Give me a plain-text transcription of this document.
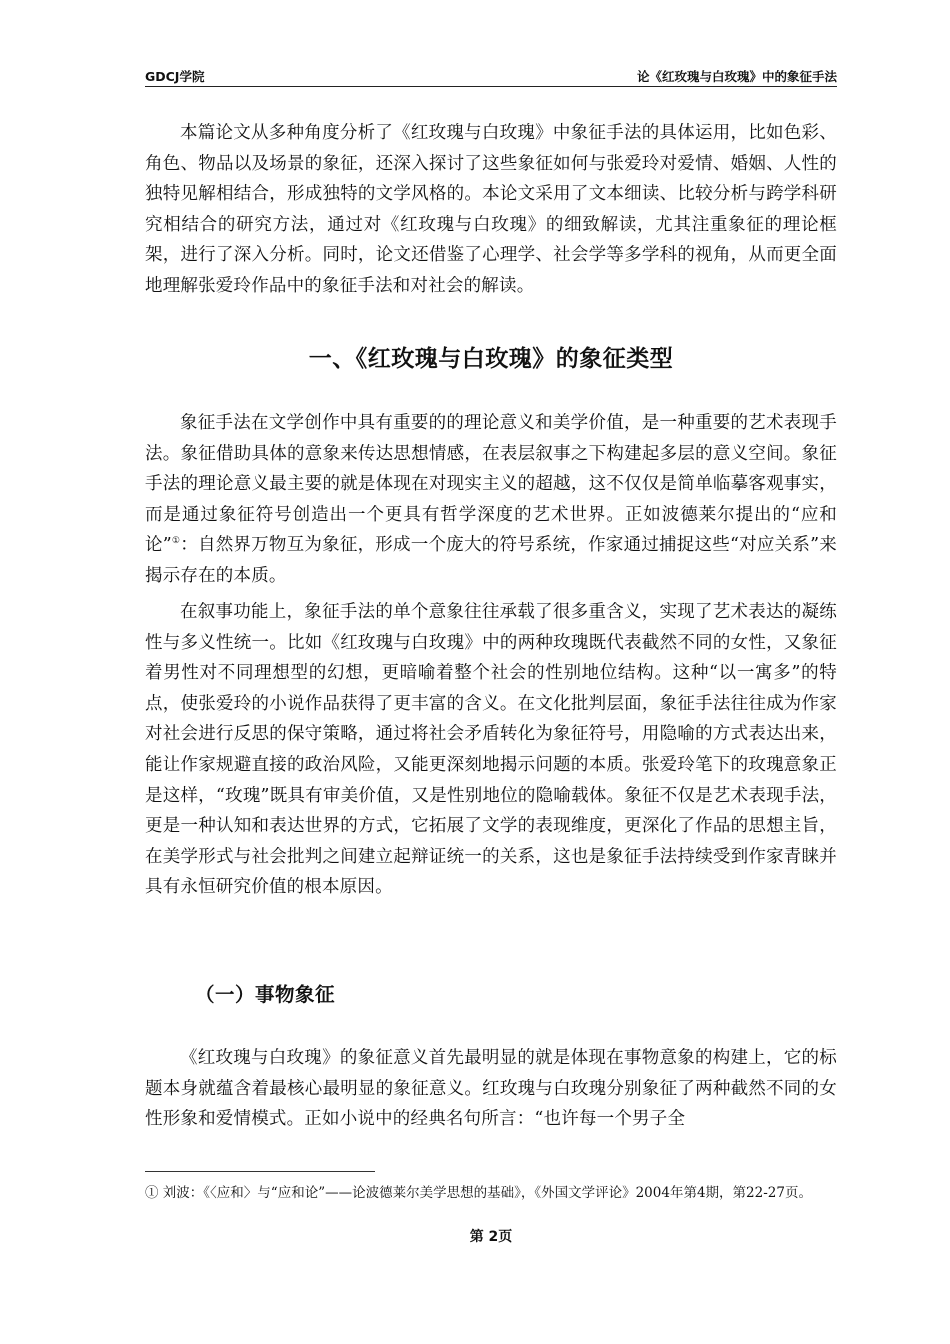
GDCJ学院	论《红玫瑰与白玫瑰》中的象征手法

本篇论文从多种角度分析了《红玫瑰与白玫瑰》中象征手法的具体运用，比如色彩、角色、物品以及场景的象征，还深入探讨了这些象征如何与张爱玲对爱情、婚姻、人性的独特见解相结合，形成独特的文学风格的。本论文采用了文本细读、比较分析与跨学科研究相结合的研究方法，通过对《红玫瑰与白玫瑰》的细致解读，尤其注重象征的理论框架，进行了深入分析。同时，论文还借鉴了心理学、社会学等多学科的视角，从而更全面地理解张爱玲作品中的象征手法和对社会的解读。

一、《红玫瑰与白玫瑰》的象征类型

象征手法在文学创作中具有重要的的理论意义和美学价值，是一种重要的艺术表现手法。象征借助具体的意象来传达思想情感，在表层叙事之下构建起多层的意义空间。象征手法的理论意义最主要的就是体现在对现实主义的超越，这不仅仅是简单临摹客观事实，而是通过象征符号创造出一个更具有哲学深度的艺术世界。正如波德莱尔提出的“应和论”①：自然界万物互为象征，形成一个庞大的符号系统，作家通过捕捉这些“对应关系”来揭示存在的本质。

在叙事功能上，象征手法的单个意象往往承载了很多重含义，实现了艺术表达的凝练性与多义性统一。比如《红玫瑰与白玫瑰》中的两种玫瑰既代表截然不同的女性，又象征着男性对不同理想型的幻想，更暗喻着整个社会的性别地位结构。这种“以一寓多”的特点，使张爱玲的小说作品获得了更丰富的含义。在文化批判层面，象征手法往往成为作家对社会进行反思的保守策略，通过将社会矛盾转化为象征符号，用隐喻的方式表达出来，能让作家规避直接的政治风险，又能更深刻地揭示问题的本质。张爱玲笔下的玫瑰意象正是这样，“玫瑰”既具有审美价值，又是性别地位的隐喻载体。象征不仅是艺术表现手法，更是一种认知和表达世界的方式，它拓展了文学的表现维度，更深化了作品的思想主旨，在美学形式与社会批判之间建立起辩证统一的关系，这也是象征手法持续受到作家青睐并具有永恒研究价值的根本原因。

（一）事物象征

《红玫瑰与白玫瑰》的象征意义首先最明显的就是体现在事物意象的构建上，它的标题本身就蕴含着最核心最明显的象征意义。红玫瑰与白玫瑰分别象征了两种截然不同的女性形象和爱情模式。正如小说中的经典名句所言：“也许每一个男子全

① 刘波：《〈应和〉与“应和论”——论波德莱尔美学思想的基础》，《外国文学评论》2004年第4期，第22-27页。
第 2页
